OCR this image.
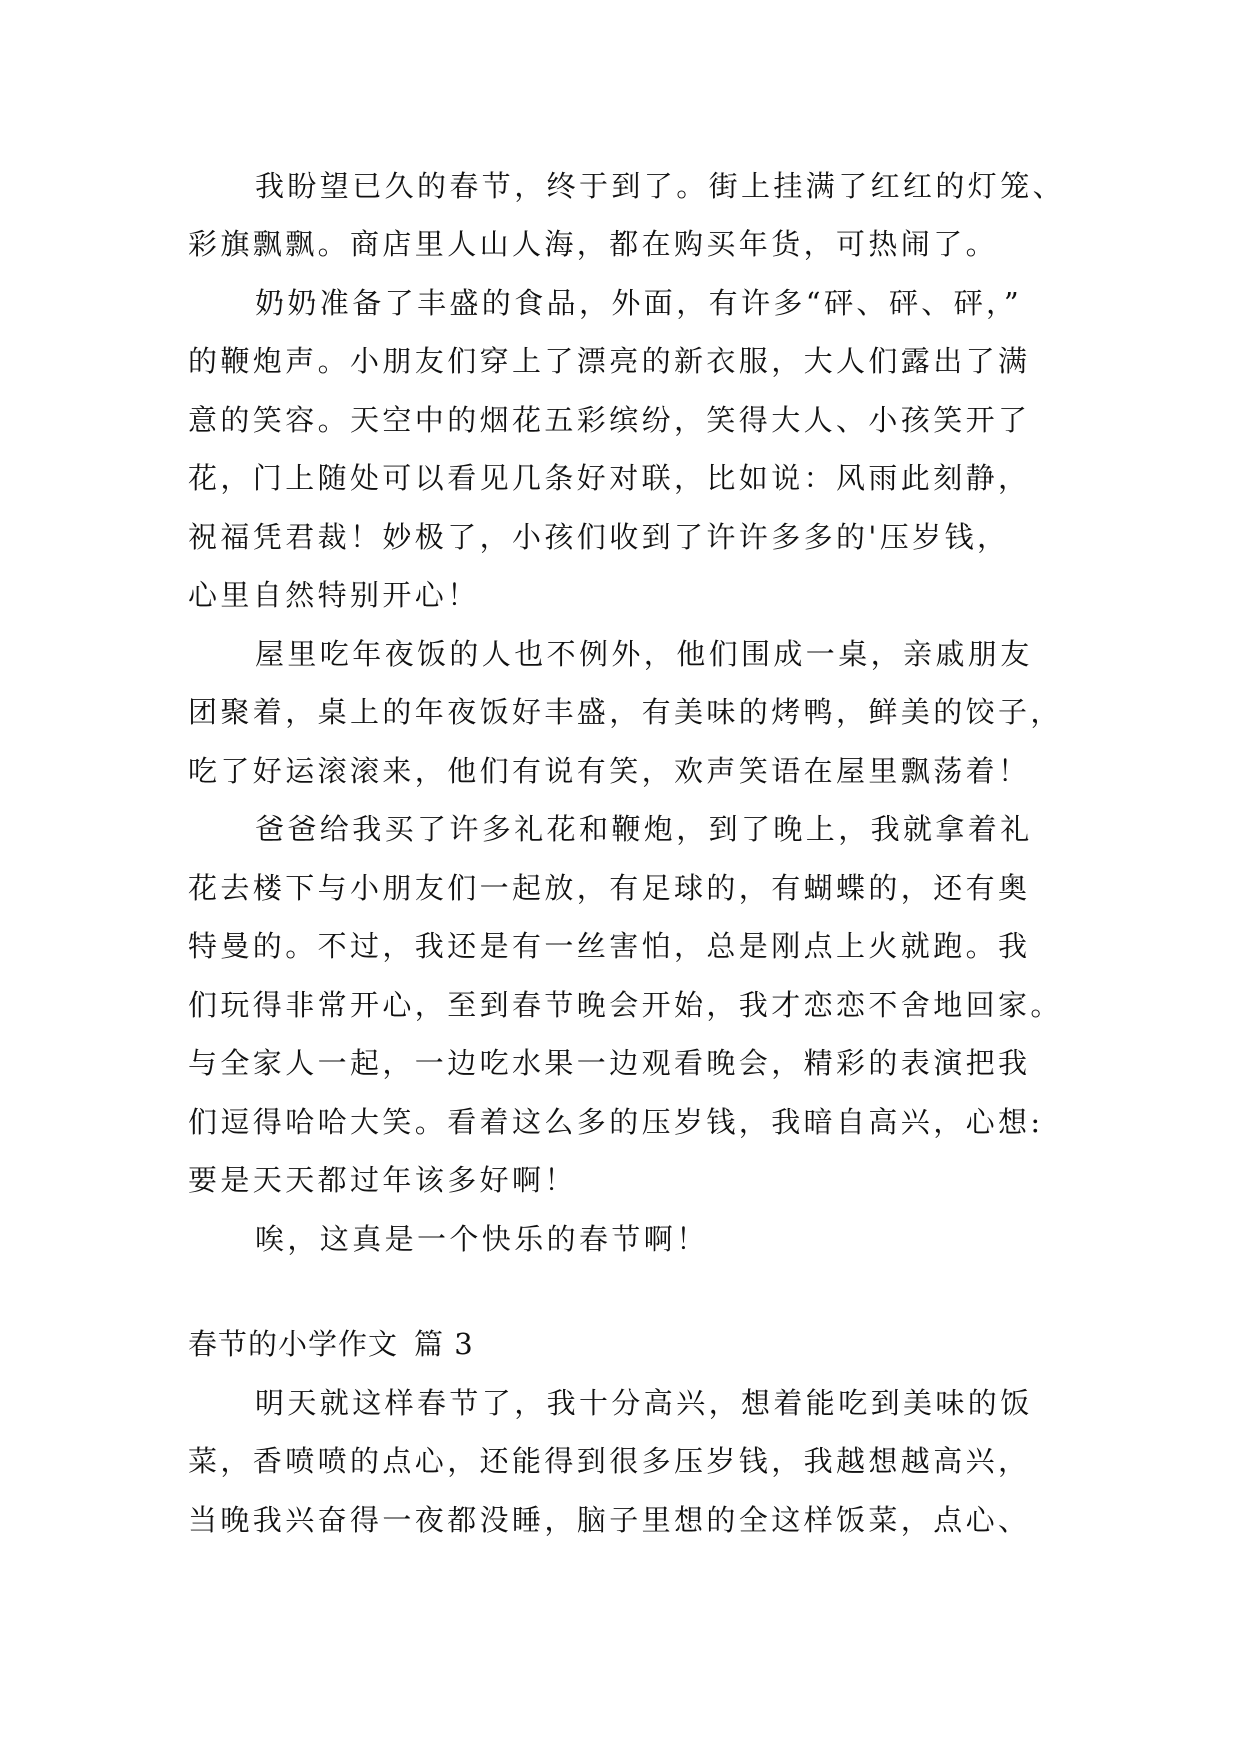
我盼望已久的春节，终于到了。街上挂满了红红的灯笼、
彩旗飘飘。商店里人山人海，都在购买年货，可热闹了。
奶奶准备了丰盛的食品，外面，有许多“砰、砰、砰，”
的鞭炮声。小朋友们穿上了漂亮的新衣服，大人们露出了满
意的笑容。天空中的烟花五彩缤纷，笑得大人、小孩笑开了
花，门上随处可以看见几条好对联，比如说：风雨此刻静，
祝福凭君裁！妙极了，小孩们收到了许许多多的'压岁钱，
心里自然特别开心！
屋里吃年夜饭的人也不例外，他们围成一桌，亲戚朋友
团聚着，桌上的年夜饭好丰盛，有美味的烤鸭，鲜美的饺子，
吃了好运滚滚来，他们有说有笑，欢声笑语在屋里飘荡着！
爸爸给我买了许多礼花和鞭炮，到了晚上，我就拿着礼
花去楼下与小朋友们一起放，有足球的，有蝴蝶的，还有奥
特曼的。不过，我还是有一丝害怕，总是刚点上火就跑。我
们玩得非常开心，至到春节晚会开始，我才恋恋不舍地回家。
与全家人一起，一边吃水果一边观看晚会，精彩的表演把我
们逗得哈哈大笑。看着这么多的压岁钱，我暗自高兴，心想:
要是天天都过年该多好啊！
唉，这真是一个快乐的春节啊！
春节的小学作文 篇 3
明天就这样春节了，我十分高兴，想着能吃到美味的饭
菜，香喷喷的点心，还能得到很多压岁钱，我越想越高兴，
当晚我兴奋得一夜都没睡，脑子里想的全这样饭菜，点心、
